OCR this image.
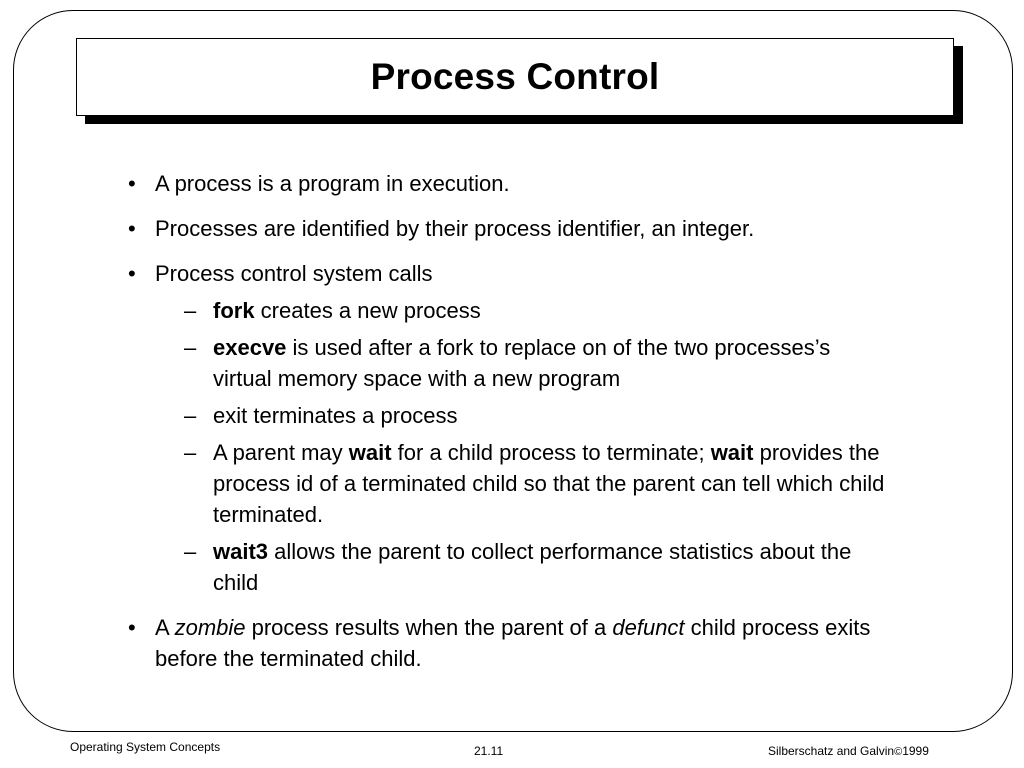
Process Control
• A process is a program in execution.
• Processes are identified by their process identifier, an integer.
• Process control system calls
– fork creates a new process
– execve is used after a fork to replace on of the two processes’s virtual memory space with a new program
– exit terminates a process
– A parent may wait for a child process to terminate; wait provides the process id of a terminated child so that the parent can tell which child terminated.
– wait3 allows the parent to collect performance statistics about the child
• A zombie process results when the parent of a defunct child process exits before the terminated child.
Operating System Concepts	21.11	Silberschatz and Galvin©1999
